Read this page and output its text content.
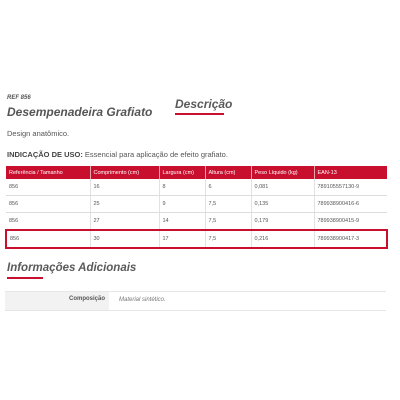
REF 856
Desempenadeira Grafiato
Descrição
Design anatômico.
INDICAÇÃO DE USO: Essencial para aplicação de efeito grafiato.
Referência / Tamanho	Comprimento (cm)	Largura (cm)	Altura (cm)	Peso Líquido (kg)	EAN-13
856	16	8	6	0,081	789105557130-9
856	25	9	7,5	0,135	789938900416-6
856	27	14	7,5	0,179	789938900415-9
856	30	17	7,5	0,216	789938900417-3
Informações Adicionais
Composição Material sintético.
